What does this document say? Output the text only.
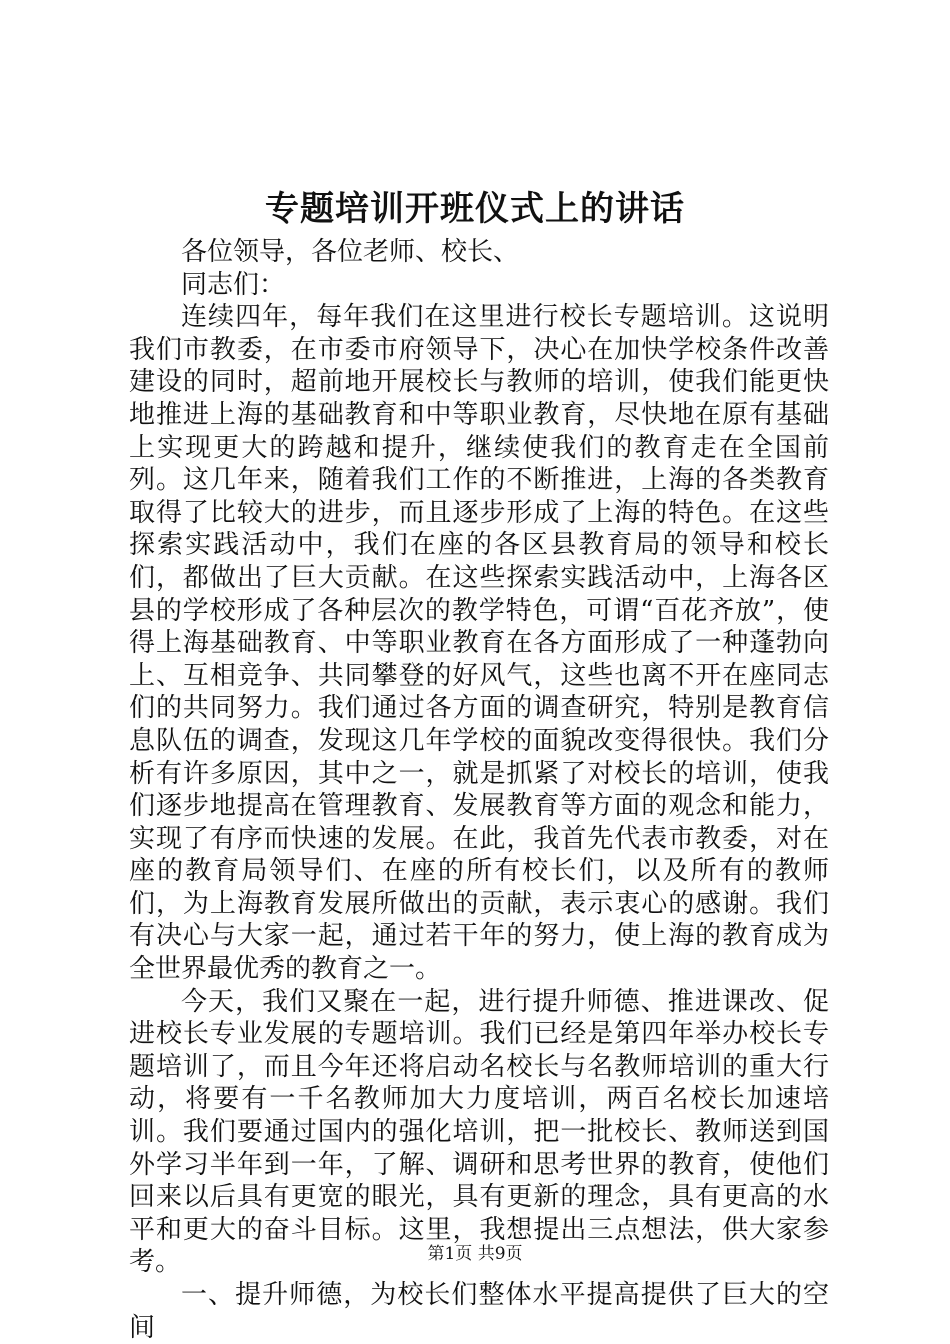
专题培训开班仪式上的讲话

各位领导，各位老师、校长、

同志们：

连续四年，每年我们在这里进行校长专题培训。这说明我们市教委，在市委市府领导下，决心在加快学校条件改善建设的同时，超前地开展校长与教师的培训，使我们能更快地推进上海的基础教育和中等职业教育，尽快地在原有基础上实现更大的跨越和提升，继续使我们的教育走在全国前列。这几年来，随着我们工作的不断推进，上海的各类教育取得了比较大的进步，而且逐步形成了上海的特色。在这些探索实践活动中，我们在座的各区县教育局的领导和校长们，都做出了巨大贡献。在这些探索实践活动中，上海各区县的学校形成了各种层次的教学特色，可谓“百花齐放”，使得上海基础教育、中等职业教育在各方面形成了一种蓬勃向上、互相竞争、共同攀登的好风气，这些也离不开在座同志们的共同努力。我们通过各方面的调查研究，特别是教育信息队伍的调查，发现这几年学校的面貌改变得很快。我们分析有许多原因，其中之一，就是抓紧了对校长的培训，使我们逐步地提高在管理教育、发展教育等方面的观念和能力，实现了有序而快速的发展。在此，我首先代表市教委，对在座的教育局领导们、在座的所有校长们，以及所有的教师们，为上海教育发展所做出的贡献，表示衷心的感谢。我们有决心与大家一起，通过若干年的努力，使上海的教育成为全世界最优秀的教育之一。

今天，我们又聚在一起，进行提升师德、推进课改、促进校长专业发展的专题培训。我们已经是第四年举办校长专题培训了，而且今年还将启动名校长与名教师培训的重大行动，将要有一千名教师加大力度培训，两百名校长加速培训。我们要通过国内的强化培训，把一批校长、教师送到国外学习半年到一年，了解、调研和思考世界的教育，使他们回来以后具有更宽的眼光，具有更新的理念，具有更高的水平和更大的奋斗目标。这里，我想提出三点想法，供大家参考。

一、提升师德，为校长们整体水平提高提供了巨大的空间

第1页 共9页
